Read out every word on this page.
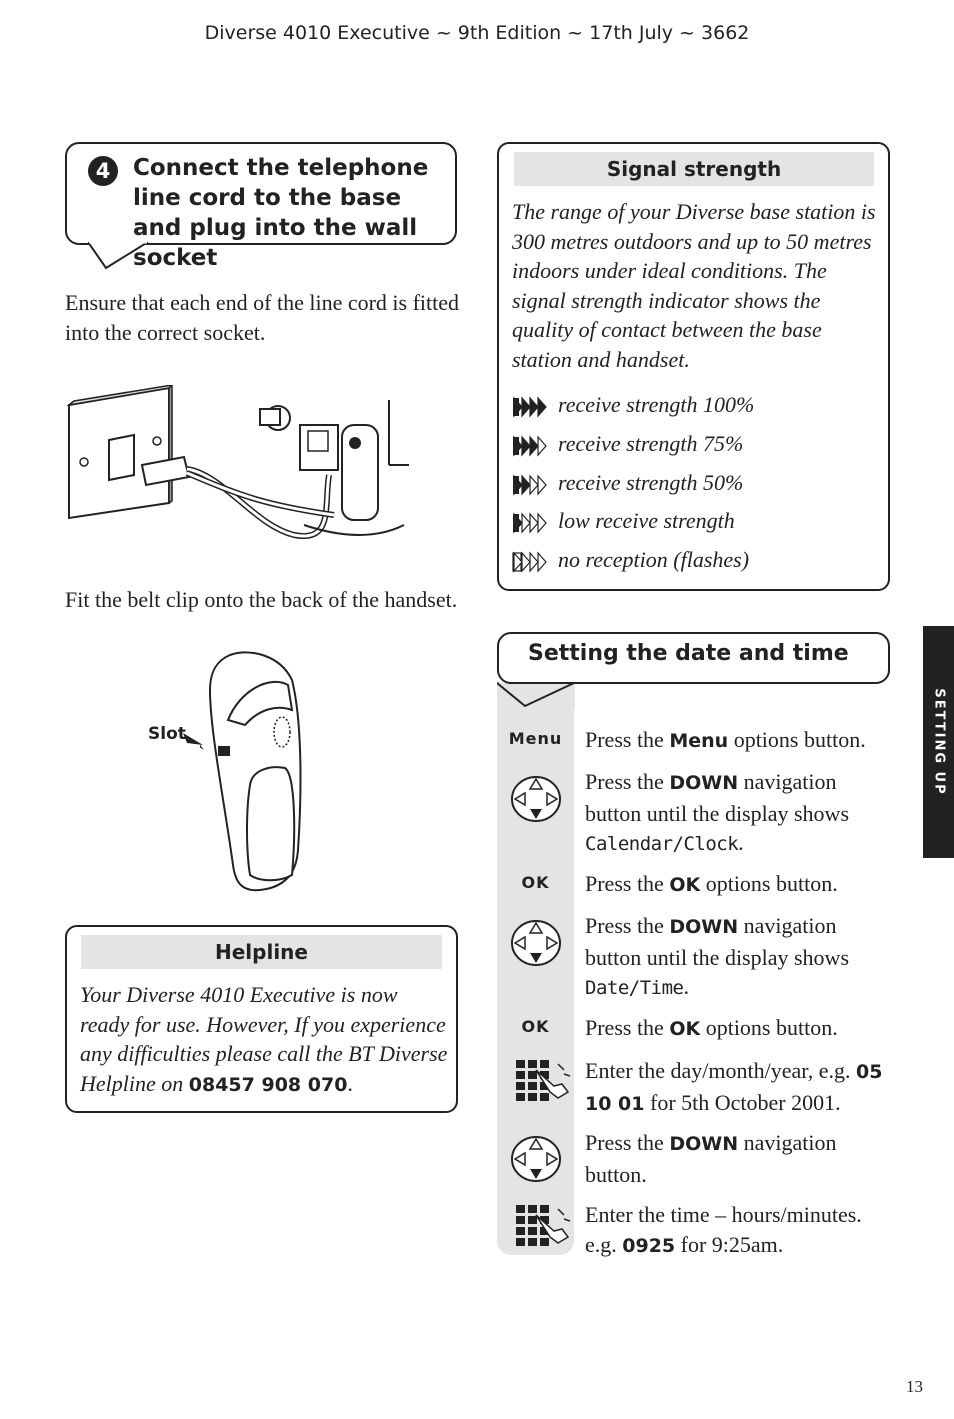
Diverse 4010 Executive ~ 9th Edition ~ 17th July ~ 3662
4 Connect the telephone line cord to the base and plug into the wall socket
Ensure that each end of the line cord is fitted into the correct socket.
Fit the belt clip onto the back of the handset.
Slot
Helpline
Your Diverse 4010 Executive is now ready for use. However, If you experience any difficulties please call the BT Diverse Helpline on 08457 908 070.
Signal strength
The range of your Diverse base station is 300 metres outdoors and up to 50 metres indoors under ideal conditions. The signal strength indicator shows the quality of contact between the base station and handset.
receive strength 100%
receive strength 75%
receive strength 50%
low receive strength
no reception (flashes)
Setting the date and time
Menu	Press the Menu options button.
Press the DOWN navigation button until the display shows Calendar/Clock.
OK	Press the OK options button.
Press the DOWN navigation button until the display shows Date/Time.
OK	Press the OK options button.
Enter the day/month/year, e.g. 05 10 01 for 5th October 2001.
Press the DOWN navigation button.
Enter the time – hours/minutes. e.g. 0925 for 9:25am.
SETTING UP
13
